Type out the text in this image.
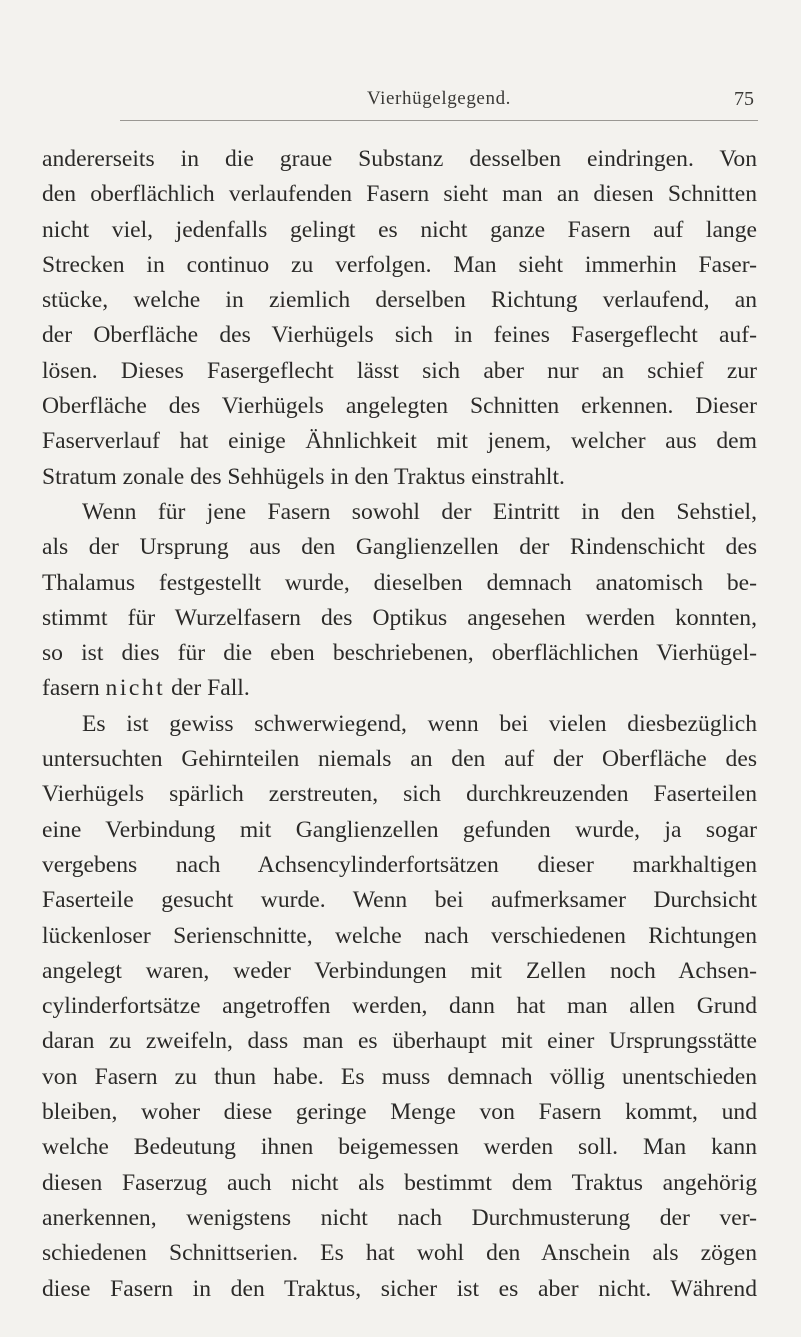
Vierhügelgegend.	75
andererseits in die graue Substanz desselben eindringen. Von
den oberflächlich verlaufenden Fasern sieht man an diesen Schnitten
nicht viel, jedenfalls gelingt es nicht ganze Fasern auf lange
Strecken in continuo zu verfolgen. Man sieht immerhin Faser-
stücke, welche in ziemlich derselben Richtung verlaufend, an
der Oberfläche des Vierhügels sich in feines Fasergeflecht auf-
lösen. Dieses Fasergeflecht lässt sich aber nur an schief zur
Oberfläche des Vierhügels angelegten Schnitten erkennen. Dieser
Faserverlauf hat einige Ähnlichkeit mit jenem, welcher aus dem
Stratum zonale des Sehhügels in den Traktus einstrahlt.
Wenn für jene Fasern sowohl der Eintritt in den Sehstiel,
als der Ursprung aus den Ganglienzellen der Rindenschicht des
Thalamus festgestellt wurde, dieselben demnach anatomisch be-
stimmt für Wurzelfasern des Optikus angesehen werden konnten,
so ist dies für die eben beschriebenen, oberflächlichen Vierhügel-
fasern nicht der Fall.
Es ist gewiss schwerwiegend, wenn bei vielen diesbezüglich
untersuchten Gehirnteilen niemals an den auf der Oberfläche des
Vierhügels spärlich zerstreuten, sich durchkreuzenden Faserteilen
eine Verbindung mit Ganglienzellen gefunden wurde, ja sogar
vergebens nach Achsencylinderfortsätzen dieser markhaltigen
Faserteile gesucht wurde. Wenn bei aufmerksamer Durchsicht
lückenloser Serienschnitte, welche nach verschiedenen Richtungen
angelegt waren, weder Verbindungen mit Zellen noch Achsen-
cylinderfortsätze angetroffen werden, dann hat man allen Grund
daran zu zweifeln, dass man es überhaupt mit einer Ursprungsstätte
von Fasern zu thun habe. Es muss demnach völlig unentschieden
bleiben, woher diese geringe Menge von Fasern kommt, und
welche Bedeutung ihnen beigemessen werden soll. Man kann
diesen Faserzug auch nicht als bestimmt dem Traktus angehörig
anerkennen, wenigstens nicht nach Durchmusterung der ver-
schiedenen Schnittserien. Es hat wohl den Anschein als zögen
diese Fasern in den Traktus, sicher ist es aber nicht. Während
